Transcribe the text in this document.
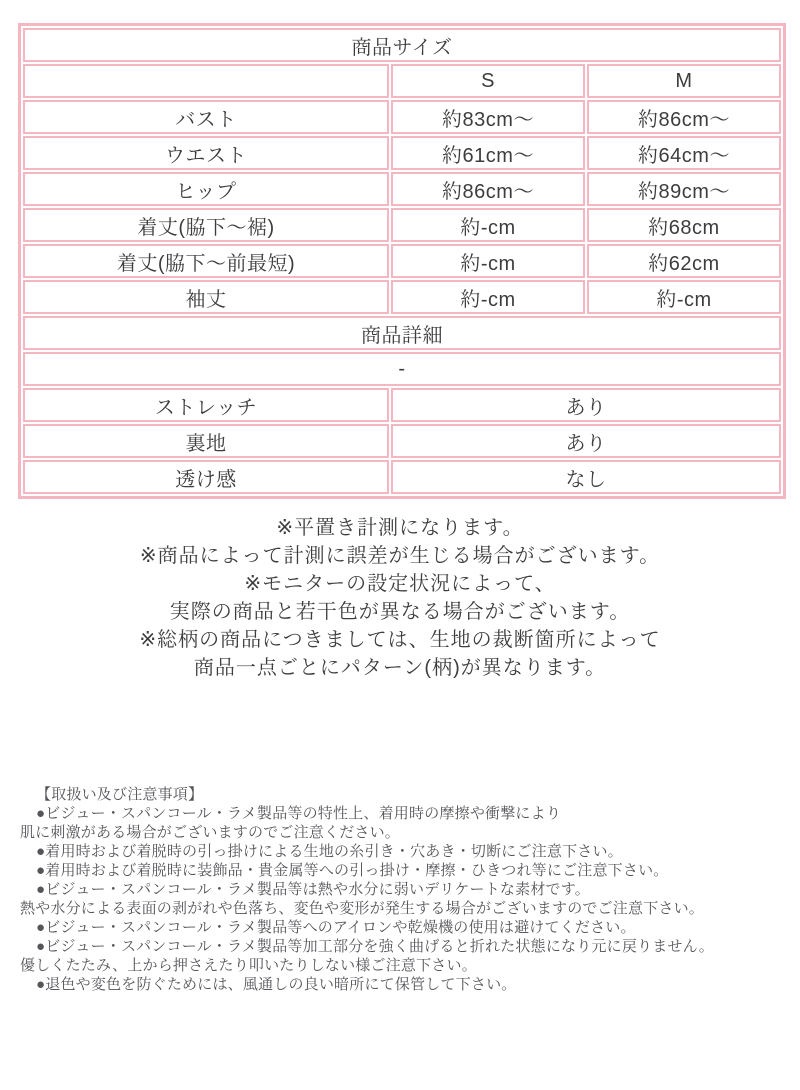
商品サイズ		
	S	M
バスト	約83cm〜	約86cm〜
ウエスト	約61cm〜	約64cm〜
ヒップ	約86cm〜	約89cm〜
着丈(脇下〜裾)	約-cm	約68cm
着丈(脇下〜前最短)	約-cm	約62cm
袖丈	約-cm	約-cm
商品詳細		
-		
ストレッチ	あり	
裏地	あり	
透け感	なし	
※平置き計測になります。
※商品によって計測に誤差が生じる場合がございます。
※モニターの設定状況によって、
実際の商品と若干色が異なる場合がございます。
※総柄の商品につきましては、生地の裁断箇所によって
商品一点ごとにパターン(柄)が異なります。
【取扱い及び注意事項】
●ビジュー・スパンコール・ラメ製品等の特性上、着用時の摩擦や衝撃により
肌に刺激がある場合がございますのでご注意ください。
●着用時および着脱時の引っ掛けによる生地の糸引き・穴あき・切断にご注意下さい。
●着用時および着脱時に装飾品・貴金属等への引っ掛け・摩擦・ひきつれ等にご注意下さい。
●ビジュー・スパンコール・ラメ製品等は熱や水分に弱いデリケートな素材です。
熱や水分による表面の剥がれや色落ち、変色や変形が発生する場合がございますのでご注意下さい。
●ビジュー・スパンコール・ラメ製品等へのアイロンや乾燥機の使用は避けてください。
●ビジュー・スパンコール・ラメ製品等加工部分を強く曲げると折れた状態になり元に戻りません。
優しくたたみ、上から押さえたり叩いたりしない様ご注意下さい。
●退色や変色を防ぐためには、風通しの良い暗所にて保管して下さい。
